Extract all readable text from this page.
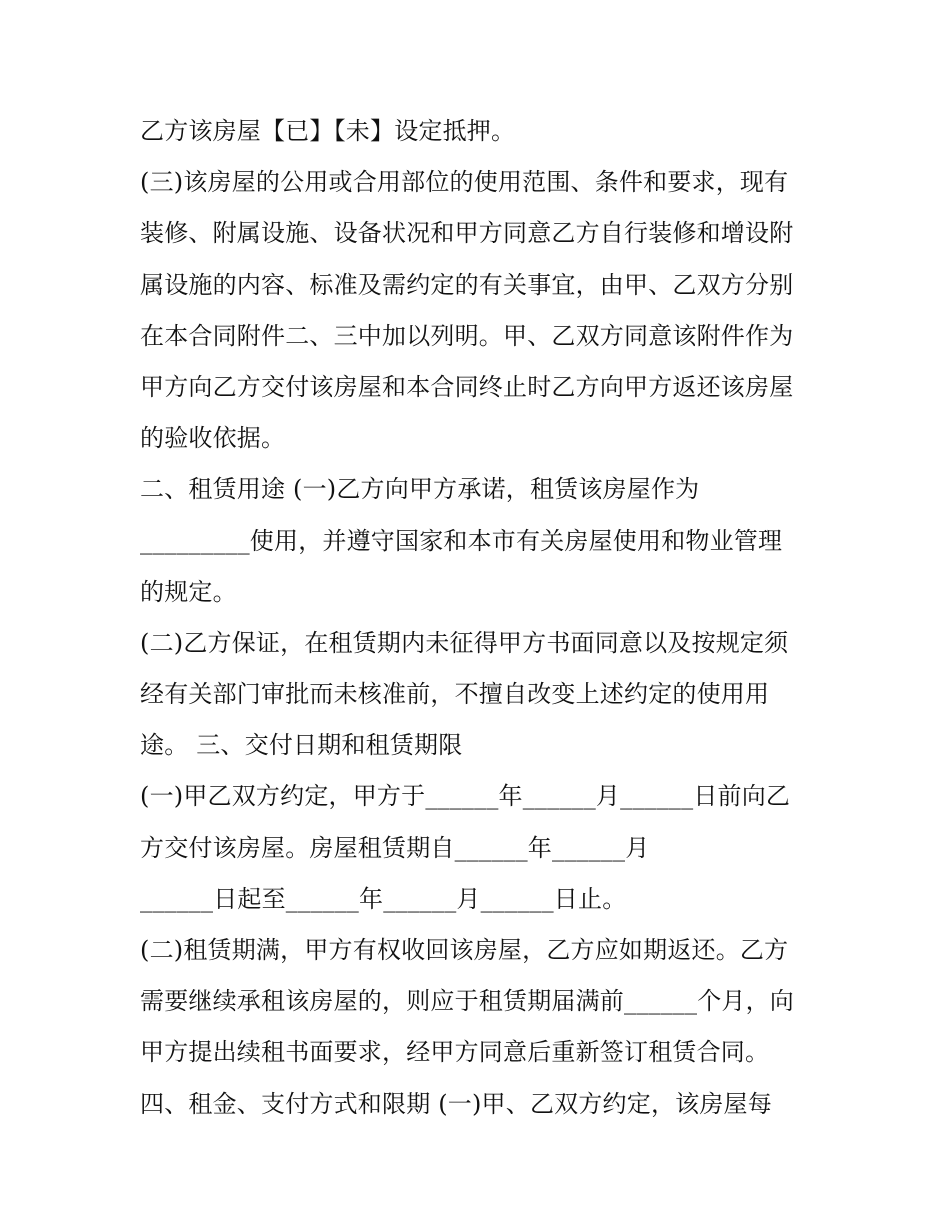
乙方该房屋【已】【未】设定抵押。
(三)该房屋的公用或合用部位的使用范围、条件和要求，现有
装修、附属设施、设备状况和甲方同意乙方自行装修和增设附
属设施的内容、标准及需约定的有关事宜，由甲、乙双方分别
在本合同附件二、三中加以列明。甲、乙双方同意该附件作为
甲方向乙方交付该房屋和本合同终止时乙方向甲方返还该房屋
的验收依据。
二、租赁用途 (一)乙方向甲方承诺，租赁该房屋作为
_________使用，并遵守国家和本市有关房屋使用和物业管理
的规定。
(二)乙方保证，在租赁期内未征得甲方书面同意以及按规定须
经有关部门审批而未核准前，不擅自改变上述约定的使用用
途。 三、交付日期和租赁期限
(一)甲乙双方约定，甲方于______年______月______日前向乙
方交付该房屋。房屋租赁期自______年______月
______日起至______年______月______日止。
(二)租赁期满，甲方有权收回该房屋，乙方应如期返还。乙方
需要继续承租该房屋的，则应于租赁期届满前______个月，向
甲方提出续租书面要求，经甲方同意后重新签订租赁合同。
四、租金、支付方式和限期 (一)甲、乙双方约定，该房屋每
